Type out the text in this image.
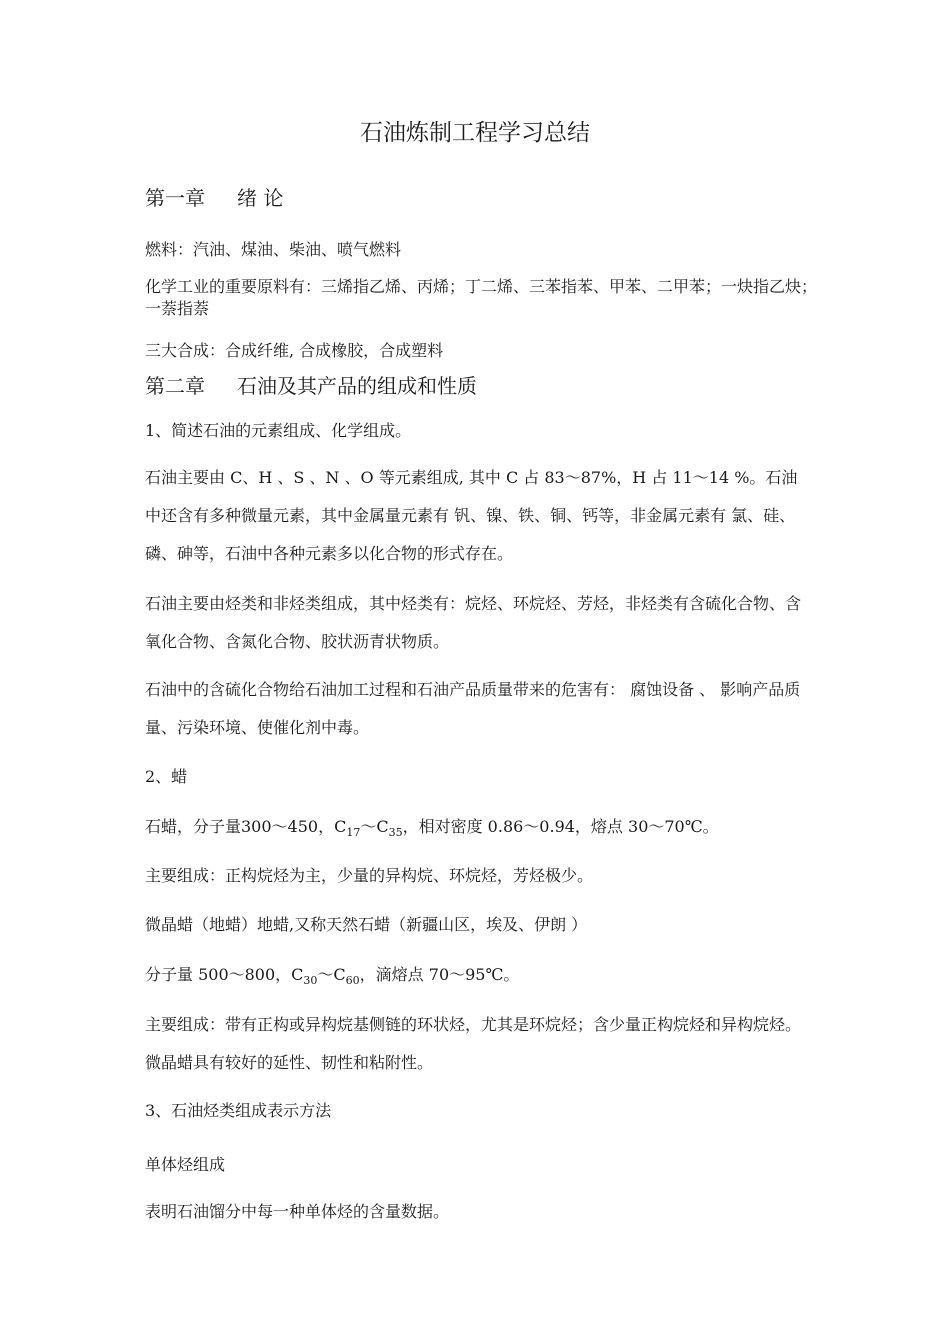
石油炼制工程学习总结
第一章 绪 论

燃料：汽油、煤油、柴油、喷气燃料

化学工业的重要原料有：三烯指乙烯、丙烯；丁二烯、三苯指苯、甲苯、二甲苯；一炔指乙炔；一萘指萘

三大合成：合成纤维, 合成橡胶，合成塑料

第二章 石油及其产品的组成和性质

1、简述石油的元素组成、化学组成。

石油主要由 C、H 、S 、N 、O 等元素组成, 其中 C 占 83～87%，H 占 11～14 %。石油中还含有多种微量元素，其中金属量元素有 钒、镍、铁、铜、钙等，非金属元素有 氯、硅、磷、砷等，石油中各种元素多以化合物的形式存在。

石油主要由烃类和非烃类组成，其中烃类有：烷烃、环烷烃、芳烃，非烃类有含硫化合物、含氧化合物、含氮化合物、胶状沥青状物质。

石油中的含硫化合物给石油加工过程和石油产品质量带来的危害有： 腐蚀设备 、 影响产品质量、污染环境、使催化剂中毒。

2、蜡

石蜡，分子量300～450，$C_{17}\sim C_{35}$，相对密度 0.86～0.94，熔点 30～70℃。

主要组成：正构烷烃为主，少量的异构烷、环烷烃，芳烃极少。

微晶蜡（地蜡）地蜡,又称天然石蜡（新疆山区，埃及、伊朗 ）

分子量 500～800，$C_{30}\sim C_{60}$，滴熔点 70～95℃。

主要组成：带有正构或异构烷基侧链的环状烃，尤其是环烷烃；含少量正构烷烃和异构烷烃。微晶蜡具有较好的延性、韧性和粘附性。

3、石油烃类组成表示方法

单体烃组成

表明石油馏分中每一种单体烃的含量数据。
